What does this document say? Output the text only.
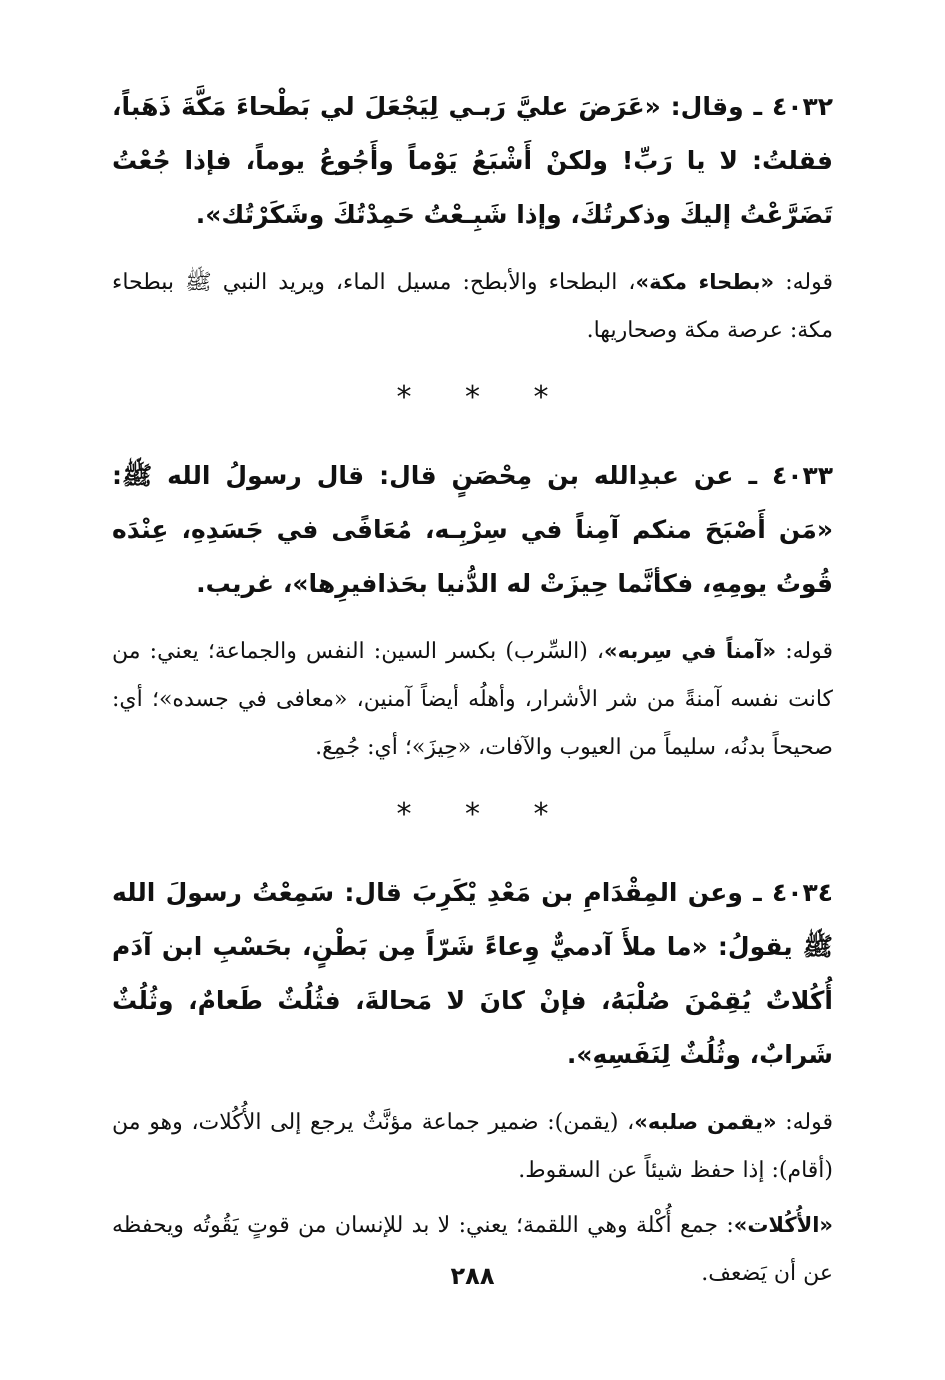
٤٠٣٢ ـ وقال: «عَرَضَ عليَّ رَبـي لِيَجْعَلَ لي بَطْحاءَ مَكَّةَ ذَهَباً، فقلتُ: لا يا رَبِّ! ولكنْ أَشْبَعُ يَوْماً وأَجُوعُ يوماً، فإذا جُعْتُ تَضَرَّعْتُ إليكَ وذكرتُكَ، وإذا شَبِـعْتُ حَمِدْتُكَ وشَكَرْتُك».

قوله: «بطحاء مكة»، البطحاء والأبطح: مسيل الماء، ويريد النبي ﷺ ببطحاء مكة: عرصة مكة وصحاريها.

* * *

٤٠٣٣ ـ عن عبدِالله بن مِحْصَنٍ قال: قال رسولُ الله ﷺ: «مَن أَصْبَحَ منكم آمِناً في سِرْبِـه، مُعَافًى في جَسَدِهِ، عِنْدَه قُوتُ يومِهِ، فكأنَّما حِيزَتْ له الدُّنيا بحَذافيرِها»، غريب.

قوله: «آمناً في سِربه»، (السِّرب) بكسر السين: النفس والجماعة؛ يعني: من كانت نفسه آمنةً من شر الأشرار، وأهلُه أيضاً آمنين، «معافى في جسده»؛ أي: صحيحاً بدنُه، سليماً من العيوب والآفات، «حِيزَ»؛ أي: جُمِعَ.

* * *

٤٠٣٤ ـ وعن المِقْدَامِ بن مَعْدِ يْكَرِبَ قال: سَمِعْتُ رسولَ الله ﷺ يقولُ: «ما ملأَ آدميٌّ وِعاءً شَرّاً مِن بَطْنٍ، بحَسْبِ ابن آدَم أُكُلاتٌ يُقِمْنَ صُلْبَهُ، فإنْ كانَ لا مَحالةَ، فثُلُثٌ طَعامٌ، وثُلُثٌ شَرابٌ، وثُلُثٌ لِنَفَسِهِ».

قوله: «يقمن صلبه»، (يقمن): ضمير جماعة مؤنَّثٌ يرجع إلى الأُكُلات، وهو من (أقام): إذا حفظ شيئاً عن السقوط.

«الأُكُلات»: جمع أُكْلة وهي اللقمة؛ يعني: لا بد للإنسان من قوتٍ يَقُوتُه ويحفظه عن أن يَضعف.

٢٨٨
